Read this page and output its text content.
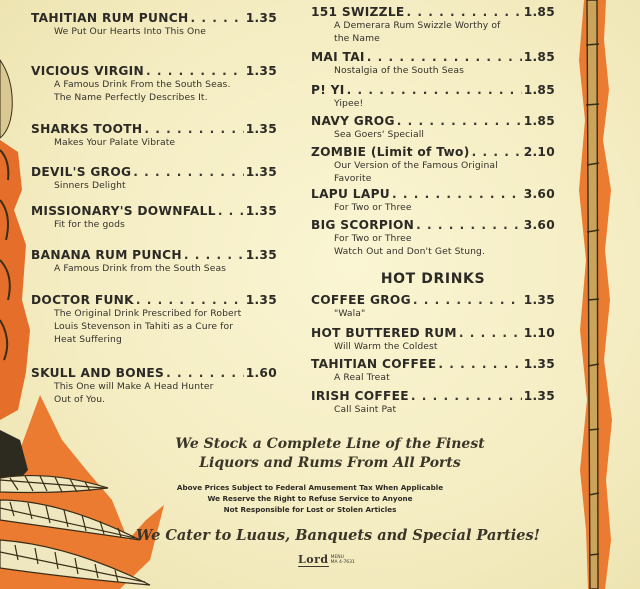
TAHITIAN RUM PUNCH . . .	1.35
We Put Our Hearts Into This One
VICIOUS VIRGIN . . .	1.35
A Famous Drink From the South Seas.
The Name Perfectly Describes It.
SHARKS TOOTH . . .	1.35
Makes Your Palate Vibrate
DEVIL'S GROG . . .	1.35
Sinners Delight
MISSIONARY'S DOWNFALL . . . 1.35
Fit for the gods
BANANA RUM PUNCH . . .	1.35
A Famous Drink from the South Seas
DOCTOR FUNK . . .	1.35
The Original Drink Prescribed for Robert
Louis Stevenson in Tahiti as a Cure for
Heat Suffering
SKULL AND BONES . . .	1.60
This One will Make A Head Hunter
Out of You.
151 SWIZZLE . . .	1.85
A Demerara Rum Swizzle Worthy of
the Name
MAI TAI . . .	1.85
Nostalgia of the South Seas
P! YI . . .	1.85
Yipee!
NAVY GROG . . .	1.85
Sea Goers' Speciall
ZOMBIE (Limit of Two) . . .	2.10
Our Version of the Famous Original
Favorite
LAPU LAPU . . .	3.60
For Two or Three
BIG SCORPION . . .	3.60
For Two or Three
Watch Out and Don't Get Stung.
HOT DRINKS
COFFEE GROG . . .	1.35
"Wala"
HOT BUTTERED RUM . . .	1.10
Will Warm the Coldest
TAHITIAN COFFEE . . .	1.35
A Real Treat
IRISH COFFEE . . .	1.35
Call Saint Pat
We Stock a Complete Line of the Finest
Liquors and Rums From All Ports
Above Prices Subject to Federal Amusement Tax When Applicable
We Reserve the Right to Refuse Service to Anyone
Not Responsible for Lost or Stolen Articles
We Cater to Luaus, Banquets and Special Parties!
Lord MENU
MA 4-7631
